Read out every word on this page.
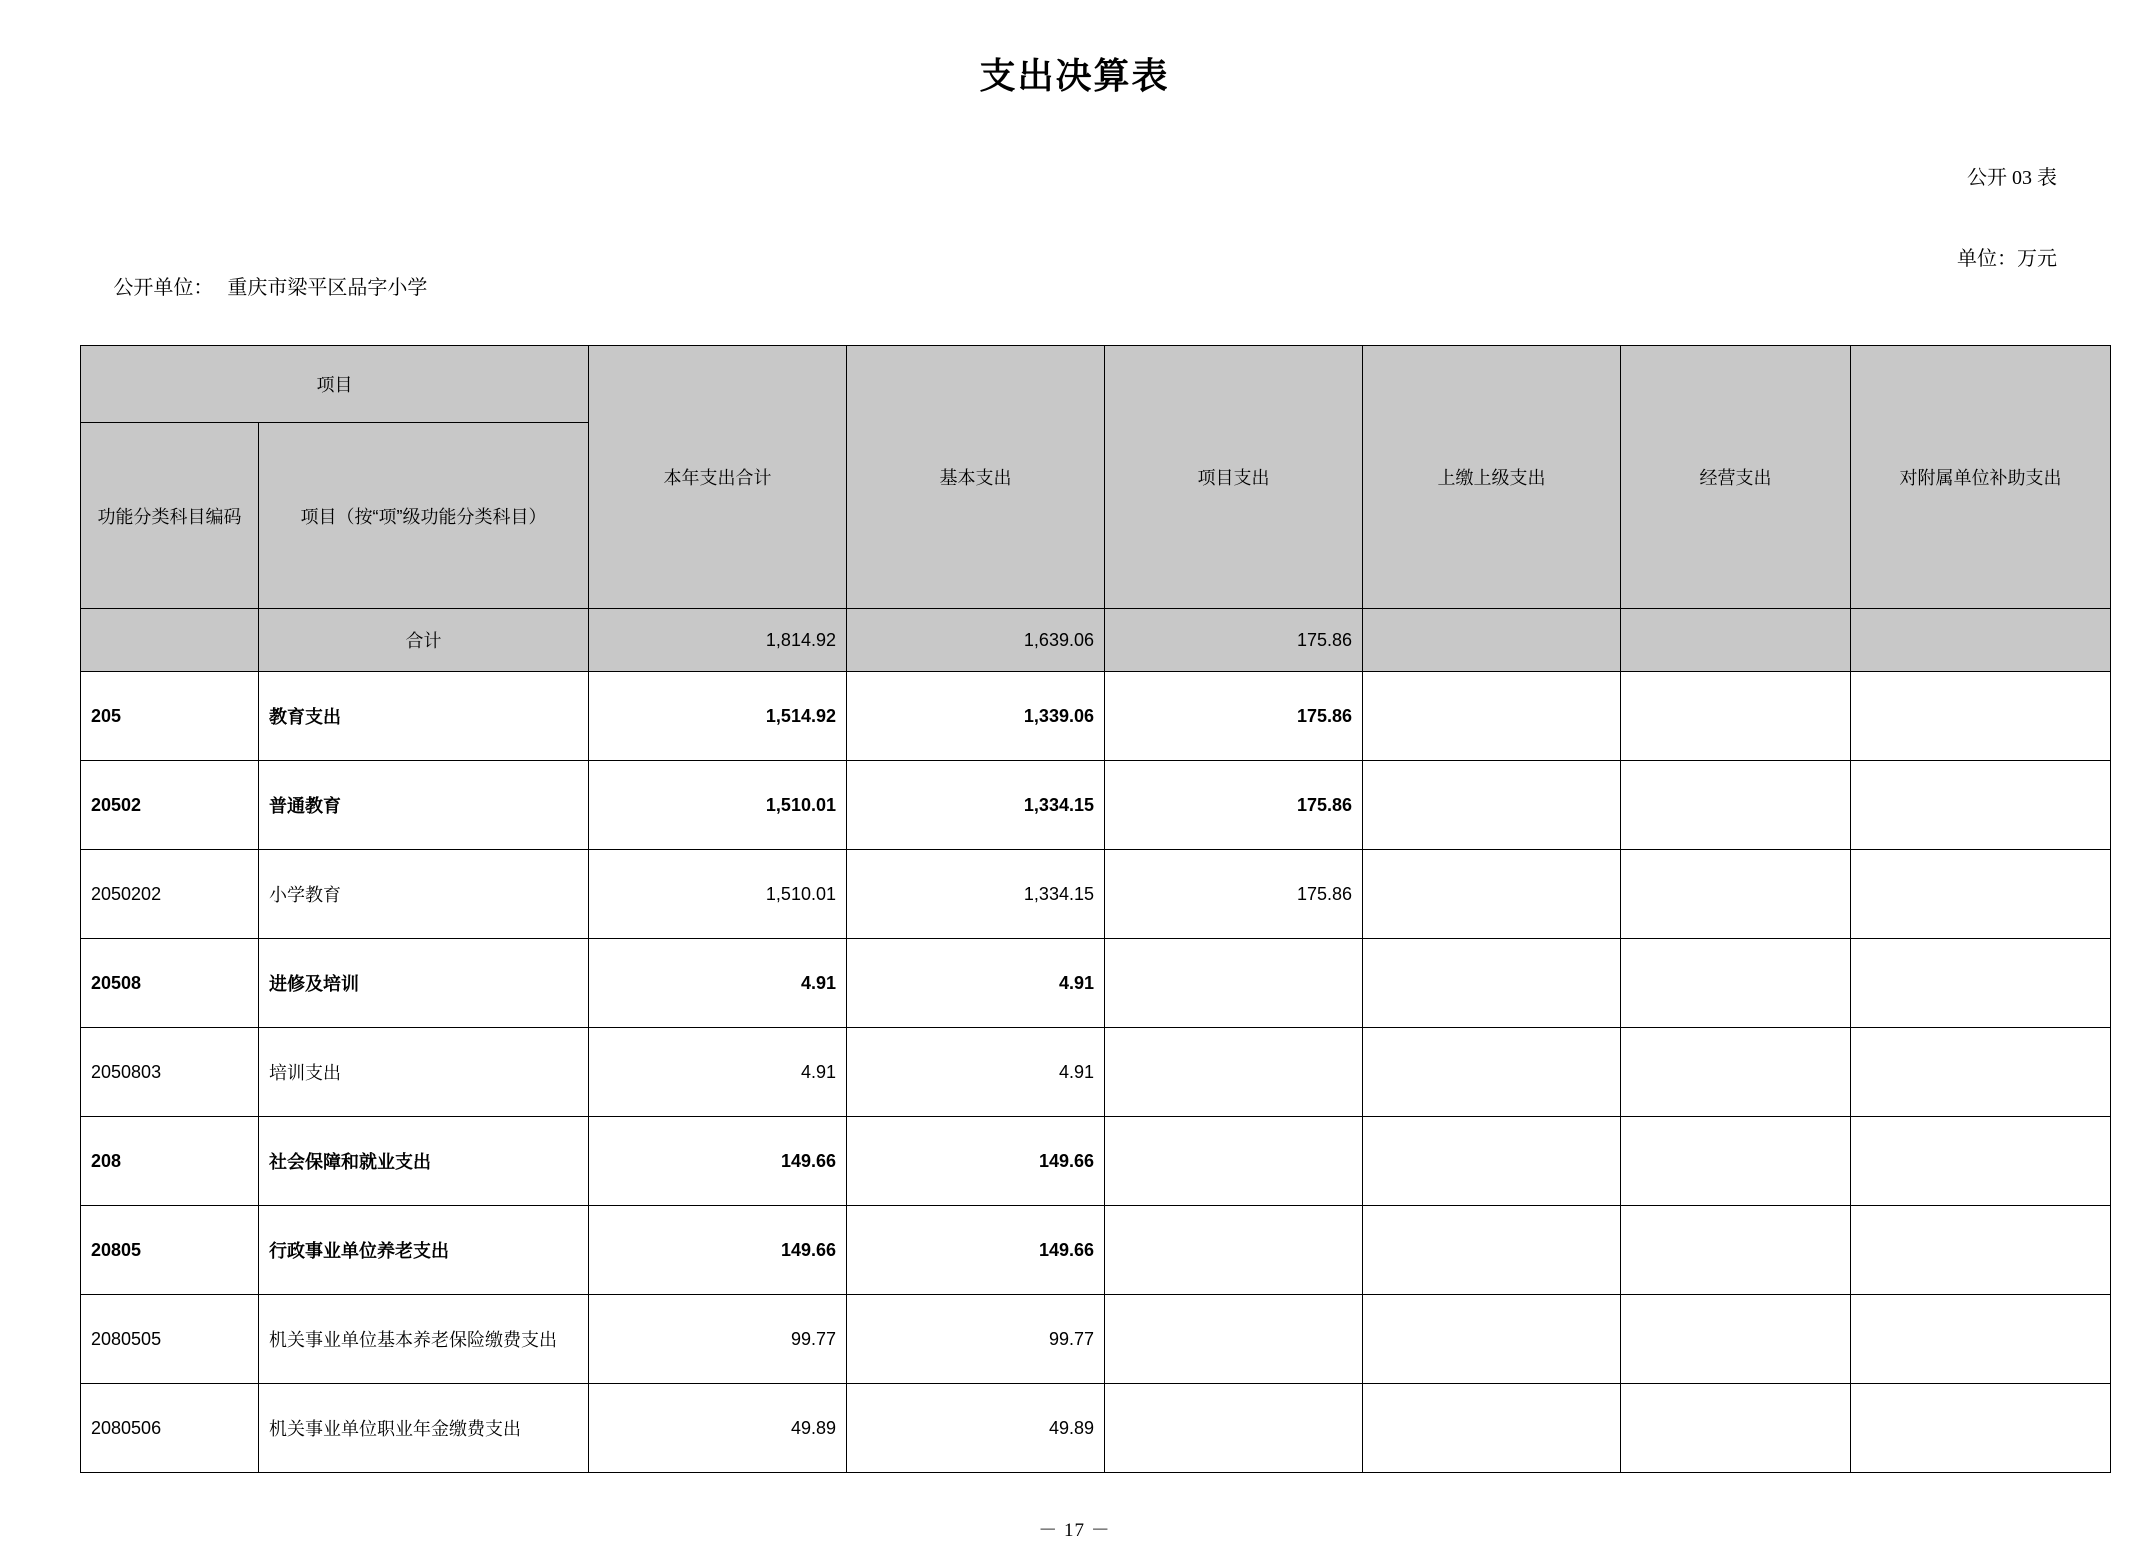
支出决算表
公开 03 表

公开单位： 重庆市梁平区品字小学

单位：万元
项目		本年支出合计	基本支出	项目支出	上缴上级支出	经营支出	对附属单位补助支出
功能分类科目编码	项目（按“项”级功能分类科目）						
	合计	1,814.92	1,639.06	175.86			
205	教育支出	1,514.92	1,339.06	175.86			
20502	普通教育	1,510.01	1,334.15	175.86			
2050202	小学教育	1,510.01	1,334.15	175.86			
20508	进修及培训	4.91	4.91				
2050803	培训支出	4.91	4.91				
208	社会保障和就业支出	149.66	149.66				
20805	行政事业单位养老支出	149.66	149.66				
2080505	机关事业单位基本养老保险缴费支出	99.77	99.77				
2080506	机关事业单位职业年金缴费支出	49.89	49.89				
－ 17 －
